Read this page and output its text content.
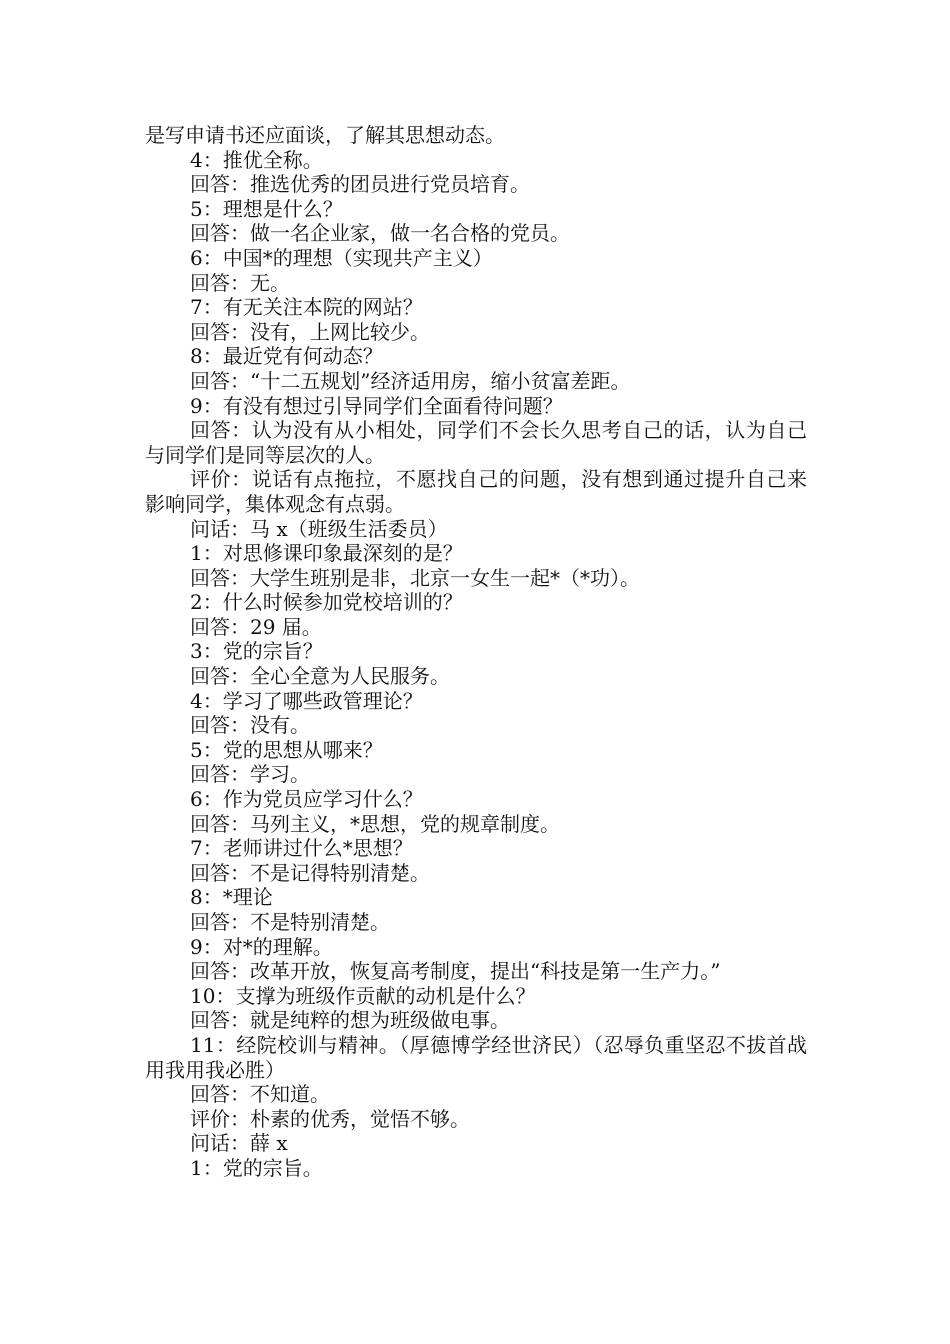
是写申请书还应面谈，了解其思想动态。

4：推优全称。

回答：推选优秀的团员进行党员培育。

5：理想是什么？

回答：做一名企业家，做一名合格的党员。

6：中国*的理想（实现共产主义）

回答：无。

7：有无关注本院的网站？

回答：没有，上网比较少。

8：最近党有何动态？

回答：“十二五规划”经济适用房，缩小贫富差距。

9：有没有想过引导同学们全面看待问题？

回答：认为没有从小相处，同学们不会长久思考自己的话，认为自己与同学们是同等层次的人。

评价：说话有点拖拉，不愿找自己的问题，没有想到通过提升自己来影响同学，集体观念有点弱。

问话：马 x（班级生活委员）

1：对思修课印象最深刻的是？

回答：大学生班别是非，北京一女生一起*（*功）。

2：什么时候参加党校培训的？

回答：29 届。

3：党的宗旨？

回答：全心全意为人民服务。

4：学习了哪些政管理论？

回答：没有。

5：党的思想从哪来？

回答：学习。

6：作为党员应学习什么？

回答：马列主义，*思想，党的规章制度。

7：老师讲过什么*思想？

回答：不是记得特别清楚。

8：*理论

回答：不是特别清楚。

9：对*的理解。

回答：改革开放，恢复高考制度，提出“科技是第一生产力。”

10：支撑为班级作贡献的动机是什么？

回答：就是纯粹的想为班级做电事。

11：经院校训与精神。（厚德博学经世济民）（忍辱负重坚忍不拔首战用我用我必胜）

回答：不知道。

评价：朴素的优秀，觉悟不够。

问话：薛 x

1：党的宗旨。
